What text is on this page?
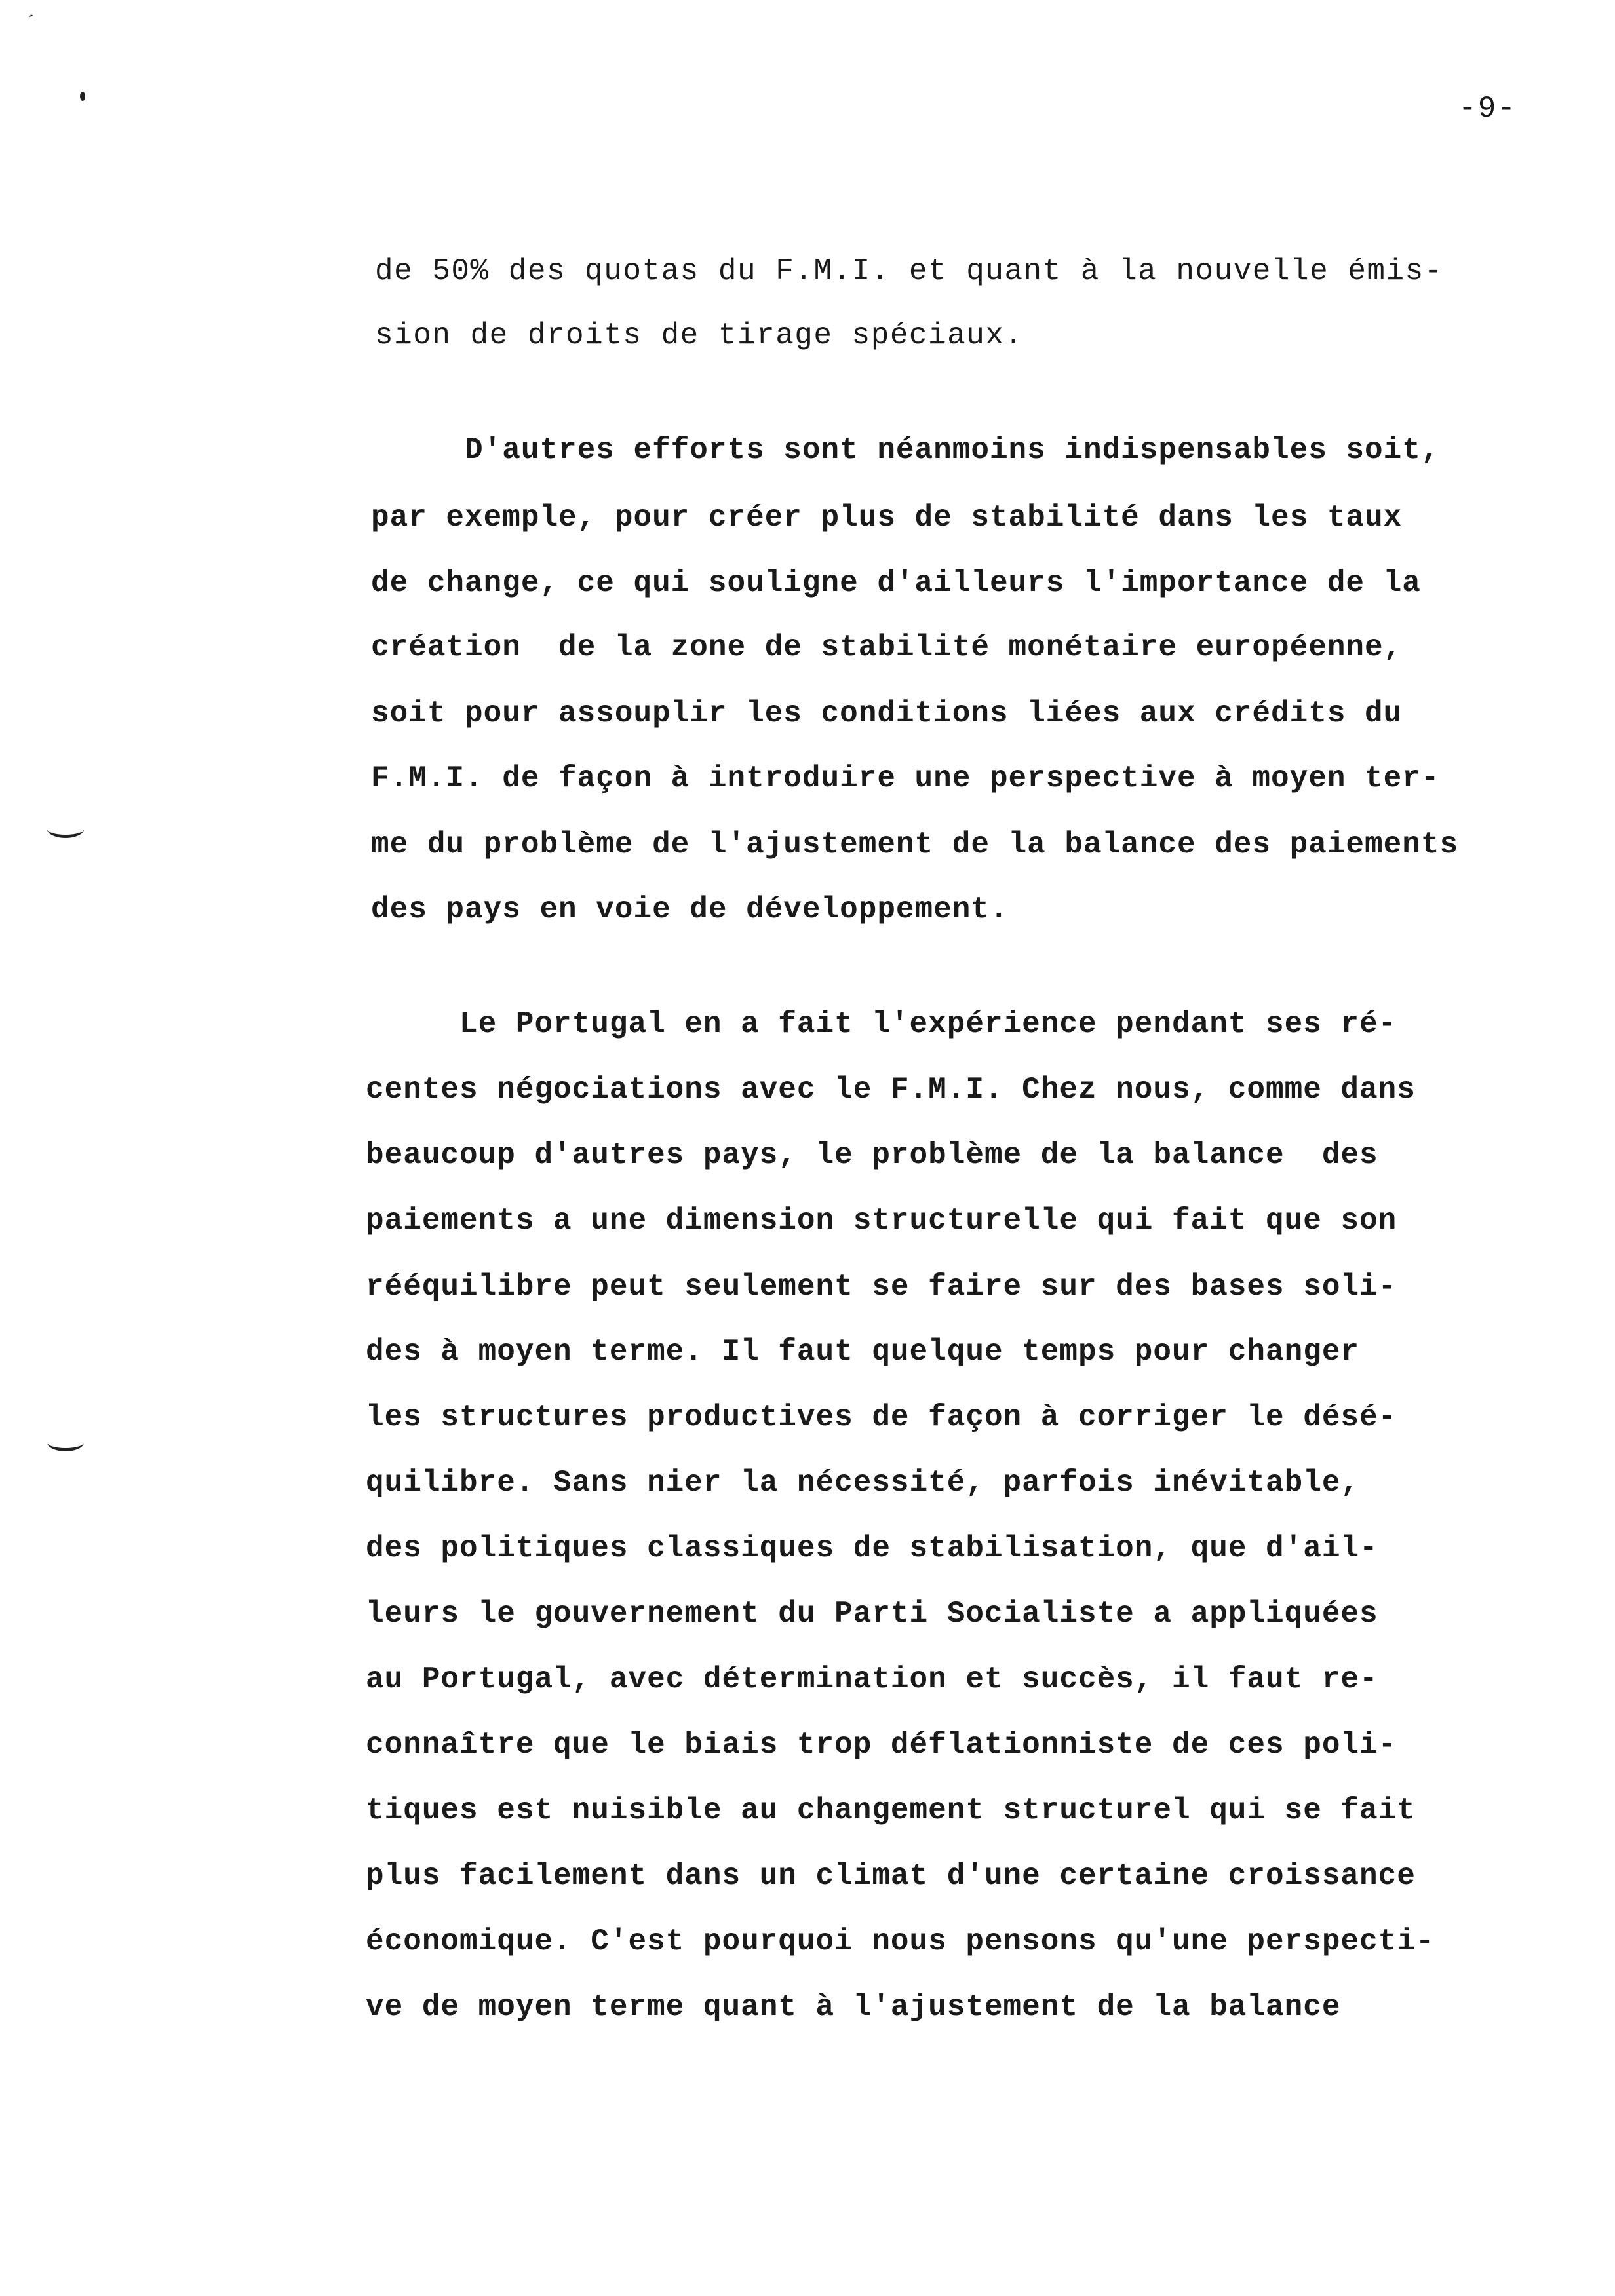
ˊ
-9-
de 50% des quotas du F.M.I. et quant à la nouvelle émis-
sion de droits de tirage spéciaux.
D'autres efforts sont néanmoins indispensables soit,
par exemple, pour créer plus de stabilité dans les taux
de change, ce qui souligne d'ailleurs l'importance de la
création  de la zone de stabilité monétaire européenne,
soit pour assouplir les conditions liées aux crédits du
F.M.I. de façon à introduire une perspective à moyen ter-
me du problème de l'ajustement de la balance des paiements
des pays en voie de développement.
Le Portugal en a fait l'expérience pendant ses ré-
centes négociations avec le F.M.I. Chez nous, comme dans
beaucoup d'autres pays, le problème de la balance  des
paiements a une dimension structurelle qui fait que son
rééquilibre peut seulement se faire sur des bases soli-
des à moyen terme. Il faut quelque temps pour changer
les structures productives de façon à corriger le désé-
quilibre. Sans nier la nécessité, parfois inévitable,
des politiques classiques de stabilisation, que d'ail-
leurs le gouvernement du Parti Socialiste a appliquées
au Portugal, avec détermination et succès, il faut re-
connaître que le biais trop déflationniste de ces poli-
tiques est nuisible au changement structurel qui se fait
plus facilement dans un climat d'une certaine croissance
économique. C'est pourquoi nous pensons qu'une perspecti-
ve de moyen terme quant à l'ajustement de la balance
